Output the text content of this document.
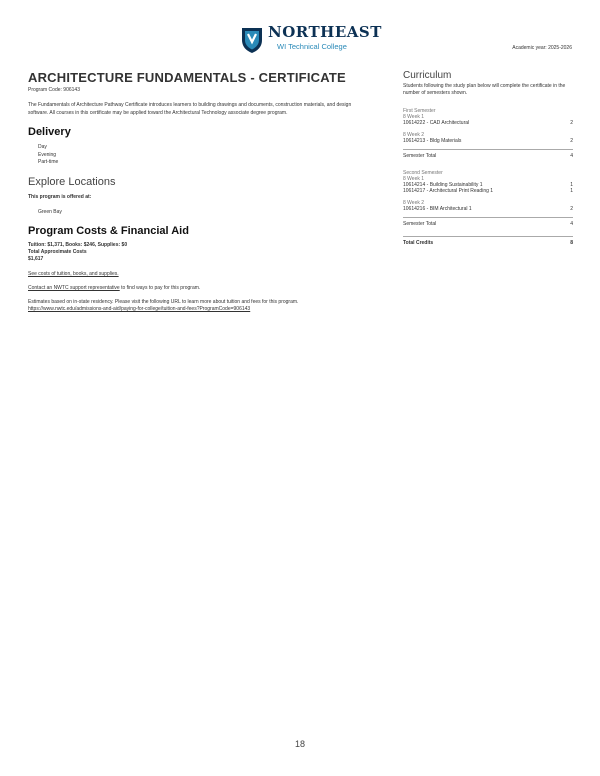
NORTHEAST
WI Technical College	Academic year: 2025-2026
ARCHITECTURE FUNDAMENTALS - CERTIFICATE
Program Code: 906143
The Fundamentals of Architecture Pathway Certificate introduces learners to building drawings and documents, construction materials, and design software. All courses in this certificate may be applied toward the Architectural Technology associate degree program.
Delivery
Day
Evening
Part-time
Explore Locations
This program is offered at:
Green Bay
Program Costs & Financial Aid
Tuition: $1,371, Books: $246, Supplies: $0
Total Approximate Costs
$1,617
See costs of tuition, books, and supplies.
Contact an NWTC support representative to find ways to pay for this program.
Estimates based on in-state residency. Please visit the following URL to learn more about tuition and fees for this program.
https://www.nwtc.edu/admissions-and-aid/paying-for-college/tuition-and-fees?ProgramCode=906143
Curriculum
Students following the study plan below will complete the certificate in the number of semesters shown.
First Semester
8 Week 1
10614222 - CAD Architectural	2
8 Week 2
10614213 - Bldg Materials	2
Semester Total	4
Second Semester
8 Week 1
10614214 - Building Sustainability 1	1
10614217 - Architectural Print Reading 1	1
8 Week 2
10614216 - BIM Architectural 1	2
Semester Total	4
Total Credits	8
18
